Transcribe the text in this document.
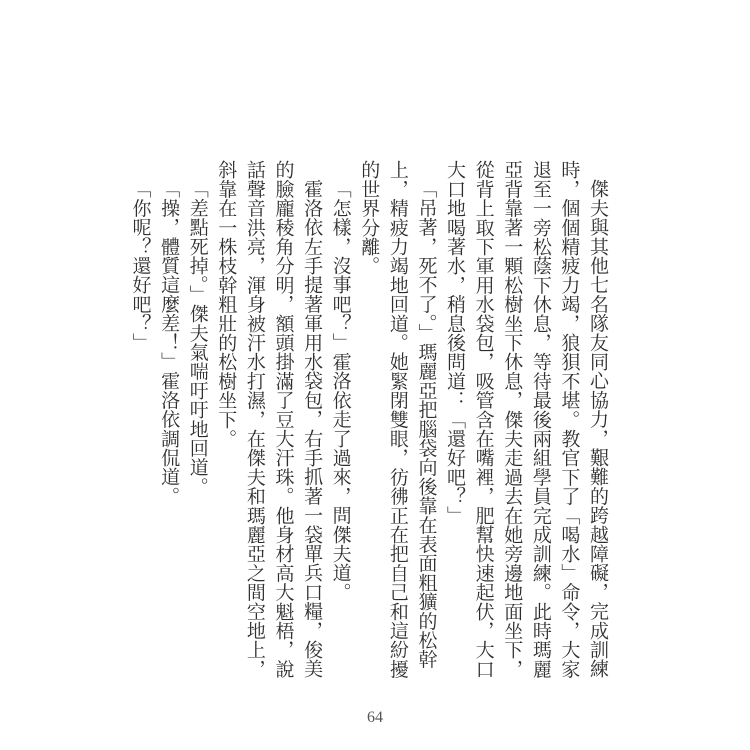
傑夫與其他七名隊友同心協力，艱難的跨越障礙，完成訓練時，個個精疲力竭，狼狽不堪。教官下了「喝水」命令，大家退至一旁松蔭下休息，等待最後兩組學員完成訓練。此時瑪麗亞背靠著一顆松樹坐下休息，傑夫走過去在她旁邊地面坐下，從背上取下軍用水袋包，吸管含在嘴裡，肥幫快速起伏，大口大口地喝著水，稍息後問道：「還好吧？」

「吊著，死不了。」瑪麗亞把腦袋向後靠在表面粗獷的松幹上，精疲力竭地回道。她緊閉雙眼，彷彿正在把自己和這紛擾的世界分離。

「怎樣，沒事吧？」霍洛依走了過來，問傑夫道。

霍洛依左手提著軍用水袋包，右手抓著一袋單兵口糧，俊美的臉龐稜角分明，額頭掛滿了豆大汗珠。他身材高大魁梧，說話聲音洪亮，渾身被汗水打濕，在傑夫和瑪麗亞之間空地上，斜靠在一株枝幹粗壯的松樹坐下。

「差點死掉。」傑夫氣喘吁吁地回道。

「操，體質這麼差！」霍洛依調侃道。

「你呢？還好吧？」

64
